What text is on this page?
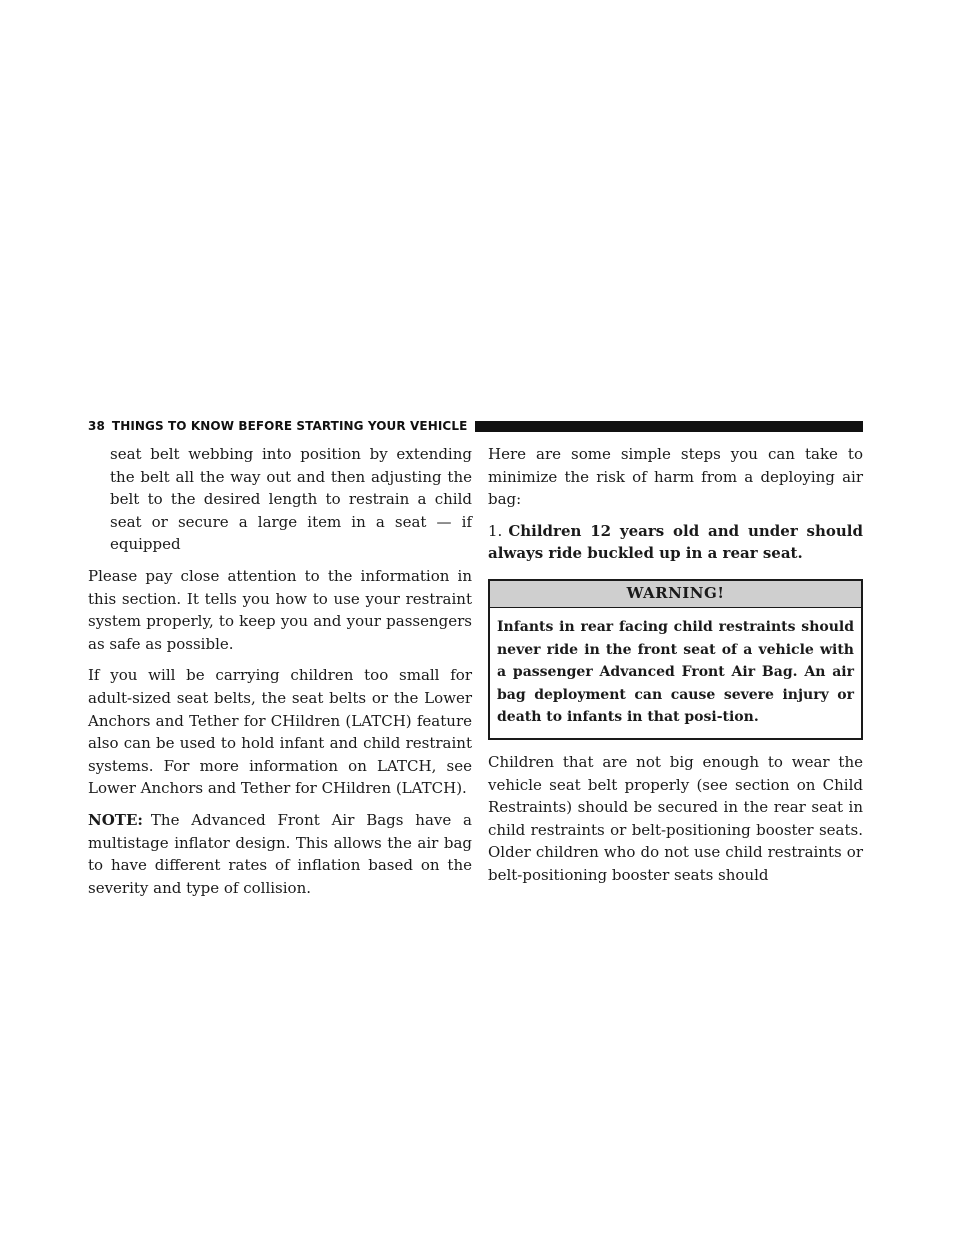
38 THINGS TO KNOW BEFORE STARTING YOUR VEHICLE

seat belt webbing into position by extending the belt all the way out and then adjusting the belt to the desired length to restrain a child seat or secure a large item in a seat — if equipped

Please pay close attention to the information in this section. It tells you how to use your restraint system properly, to keep you and your passengers as safe as possible.

If you will be carrying children too small for adult-sized seat belts, the seat belts or the Lower Anchors and Tether for CHildren (LATCH) feature also can be used to hold infant and child restraint systems. For more information on LATCH, see Lower Anchors and Tether for CHildren (LATCH).

NOTE: The Advanced Front Air Bags have a multistage inflator design. This allows the air bag to have different rates of inflation based on the severity and type of collision.

Here are some simple steps you can take to minimize the risk of harm from a deploying air bag:

1. Children 12 years old and under should always ride buckled up in a rear seat.

WARNING!
Infants in rear facing child restraints should never ride in the front seat of a vehicle with a passenger Advanced Front Air Bag. An air bag deployment can cause severe injury or death to infants in that posi-tion.

Children that are not big enough to wear the vehicle seat belt properly (see section on Child Restraints) should be secured in the rear seat in child restraints or belt-positioning booster seats. Older children who do not use child restraints or belt-positioning booster seats should
